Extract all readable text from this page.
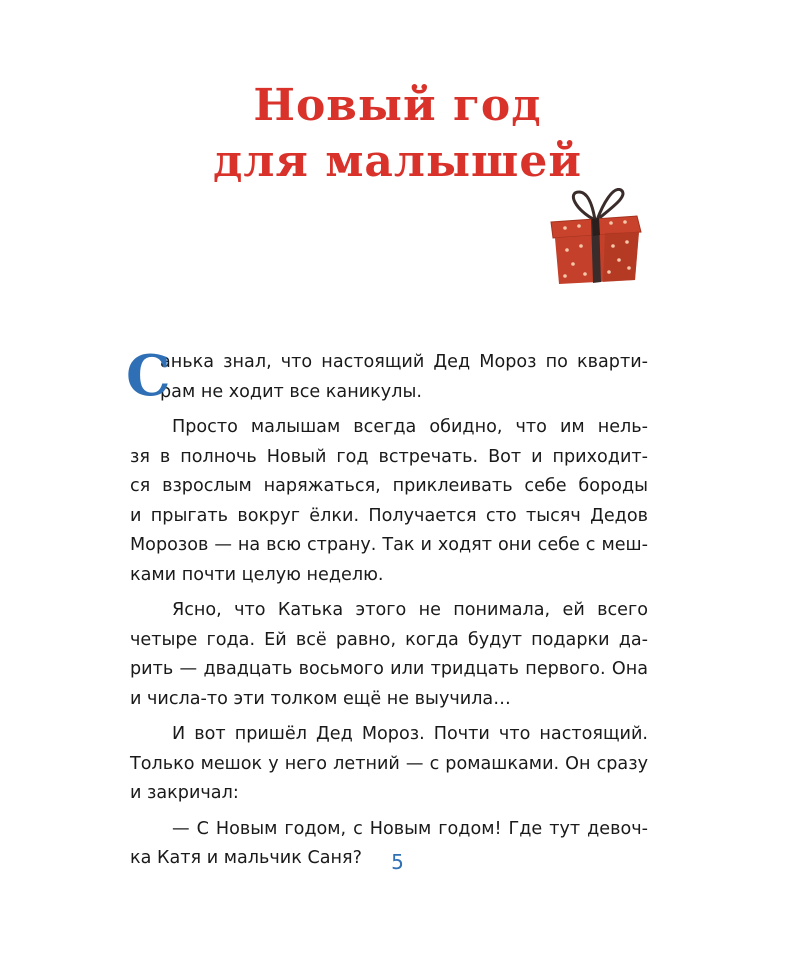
Новый год
для малышей
С
анька знал, что настоящий Дед Мороз по кварти-
рам не ходит все каникулы.
Просто малышам всегда обидно, что им нель-
зя в полночь Новый год встречать. Вот и приходит-
ся взрослым наряжаться, приклеивать себе бороды
и прыгать вокруг ёлки. Получается сто тысяч Дедов
Морозов — на всю страну. Так и ходят они себе с меш-
ками почти целую неделю.
Ясно, что Катька этого не понимала, ей всего
четыре года. Ей всё равно, когда будут подарки да-
рить — двадцать восьмого или тридцать первого. Она
и числа-то эти толком ещё не выучила…
И вот пришёл Дед Мороз. Почти что настоящий.
Только мешок у него летний — с ромашками. Он сразу
и закричал:
— С Новым годом, с Новым годом! Где тут девоч-
ка Катя и мальчик Саня?	5
